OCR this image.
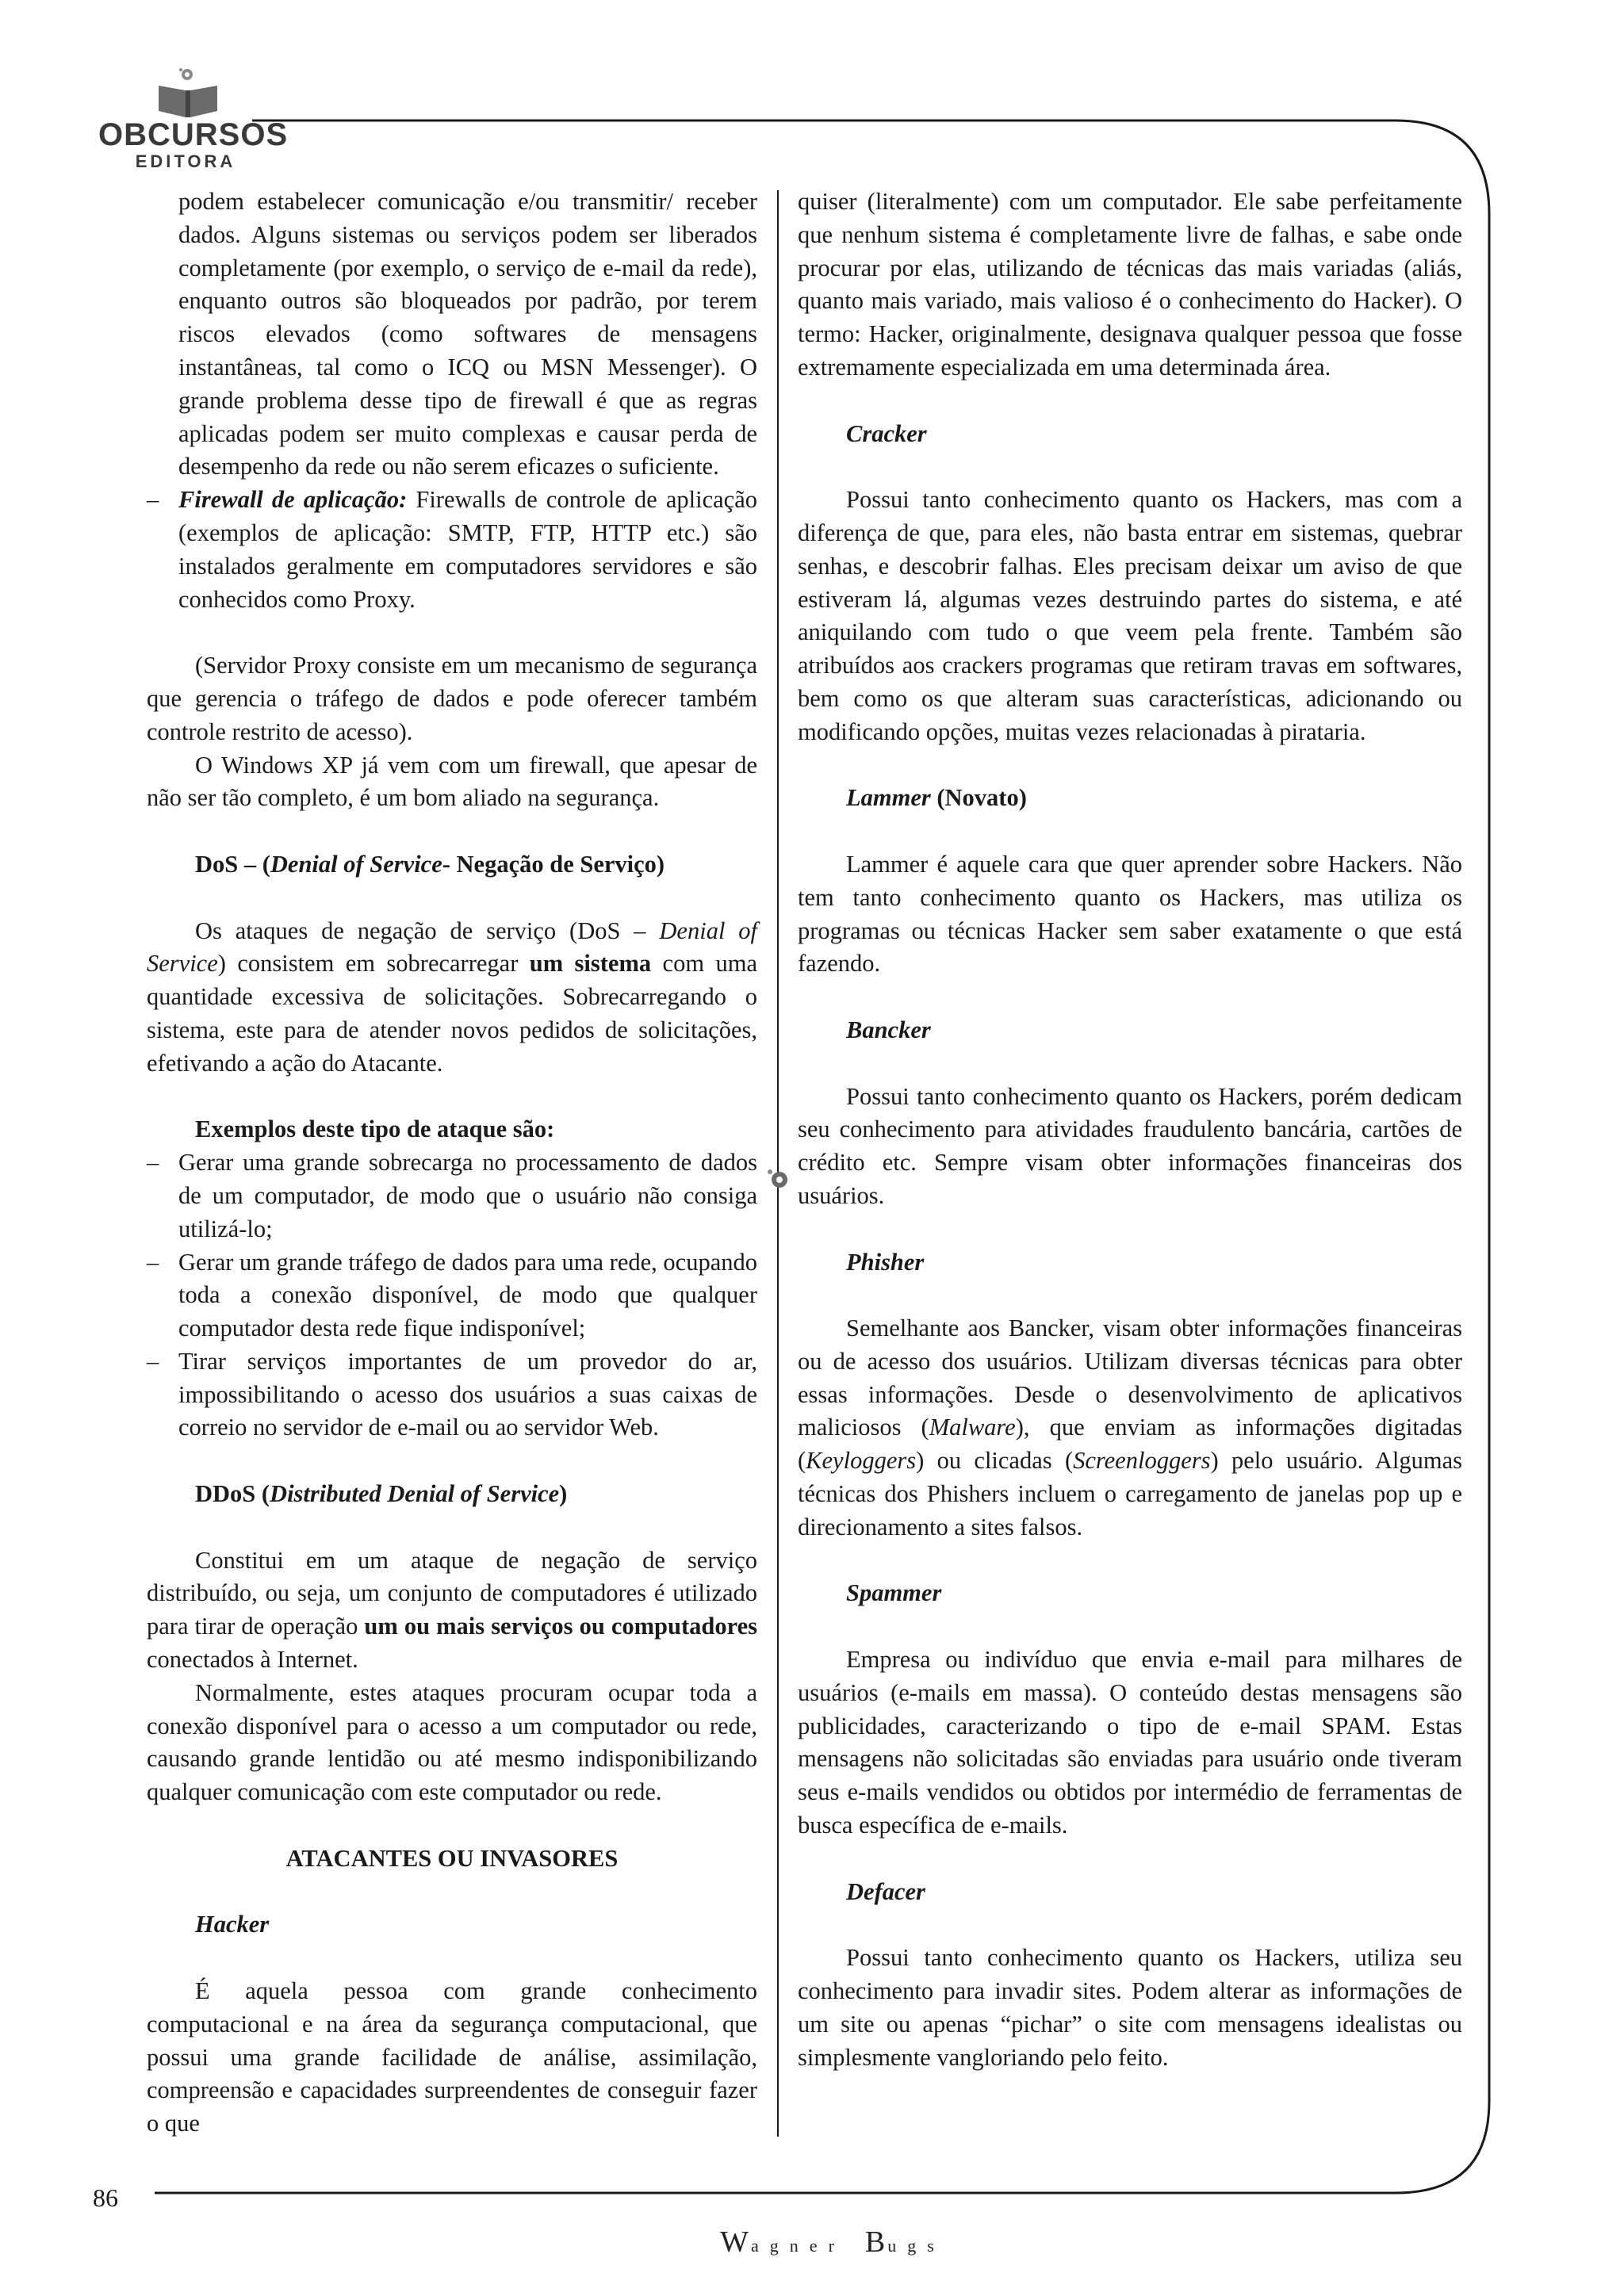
OBCURSOS
EDITORA

podem estabelecer comunicação e/ou transmitir/ receber dados. Alguns sistemas ou serviços podem ser liberados completamente (por exemplo, o serviço de e-mail da rede), enquanto outros são bloqueados por padrão, por terem riscos elevados (como softwares de mensagens instantâneas, tal como o ICQ ou MSN Messenger). O grande problema desse tipo de firewall é que as regras aplicadas podem ser muito complexas e causar perda de desempenho da rede ou não serem eficazes o suficiente.

– Firewall de aplicação: Firewalls de controle de aplicação (exemplos de aplicação: SMTP, FTP, HTTP etc.) são instalados geralmente em computadores servidores e são conhecidos como Proxy.

(Servidor Proxy consiste em um mecanismo de segurança que gerencia o tráfego de dados e pode oferecer também controle restrito de acesso).

O Windows XP já vem com um firewall, que apesar de não ser tão completo, é um bom aliado na segurança.

DoS – (Denial of Service- Negação de Serviço)

Os ataques de negação de serviço (DoS – Denial of Service) consistem em sobrecarregar um sistema com uma quantidade excessiva de solicitações. Sobrecarregando o sistema, este para de atender novos pedidos de solicitações, efetivando a ação do Atacante.

Exemplos deste tipo de ataque são:

– Gerar uma grande sobrecarga no processamento de dados de um computador, de modo que o usuário não consiga utilizá-lo;

– Gerar um grande tráfego de dados para uma rede, ocupando toda a conexão disponível, de modo que qualquer computador desta rede fique indisponível;

– Tirar serviços importantes de um provedor do ar, impossibilitando o acesso dos usuários a suas caixas de correio no servidor de e-mail ou ao servidor Web.

DDoS (Distributed Denial of Service)

Constitui em um ataque de negação de serviço distribuído, ou seja, um conjunto de computadores é utilizado para tirar de operação um ou mais serviços ou computadores conectados à Internet.

Normalmente, estes ataques procuram ocupar toda a conexão disponível para o acesso a um computador ou rede, causando grande lentidão ou até mesmo indisponibilizando qualquer comunicação com este computador ou rede.

ATACANTES OU INVASORES

Hacker

É aquela pessoa com grande conhecimento computacional e na área da segurança computacional, que possui uma grande facilidade de análise, assimilação, compreensão e capacidades surpreendentes de conseguir fazer o que

quiser (literalmente) com um computador. Ele sabe perfeitamente que nenhum sistema é completamente livre de falhas, e sabe onde procurar por elas, utilizando de técnicas das mais variadas (aliás, quanto mais variado, mais valioso é o conhecimento do Hacker). O termo: Hacker, originalmente, designava qualquer pessoa que fosse extremamente especializada em uma determinada área.

Cracker

Possui tanto conhecimento quanto os Hackers, mas com a diferença de que, para eles, não basta entrar em sistemas, quebrar senhas, e descobrir falhas. Eles precisam deixar um aviso de que estiveram lá, algumas vezes destruindo partes do sistema, e até aniquilando com tudo o que veem pela frente. Também são atribuídos aos crackers programas que retiram travas em softwares, bem como os que alteram suas características, adicionando ou modificando opções, muitas vezes relacionadas à pirataria.

Lammer (Novato)

Lammer é aquele cara que quer aprender sobre Hackers. Não tem tanto conhecimento quanto os Hackers, mas utiliza os programas ou técnicas Hacker sem saber exatamente o que está fazendo.

Bancker

Possui tanto conhecimento quanto os Hackers, porém dedicam seu conhecimento para atividades fraudulento bancária, cartões de crédito etc. Sempre visam obter informações financeiras dos usuários.

Phisher

Semelhante aos Bancker, visam obter informações financeiras ou de acesso dos usuários. Utilizam diversas técnicas para obter essas informações. Desde o desenvolvimento de aplicativos maliciosos (Malware), que enviam as informações digitadas (Keyloggers) ou clicadas (Screenloggers) pelo usuário. Algumas técnicas dos Phishers incluem o carregamento de janelas pop up e direcionamento a sites falsos.

Spammer

Empresa ou indivíduo que envia e-mail para milhares de usuários (e-mails em massa). O conteúdo destas mensagens são publicidades, caracterizando o tipo de e-mail SPAM. Estas mensagens não solicitadas são enviadas para usuário onde tiveram seus e-mails vendidos ou obtidos por intermédio de ferramentas de busca específica de e-mails.

Defacer

Possui tanto conhecimento quanto os Hackers, utiliza seu conhecimento para invadir sites. Podem alterar as informações de um site ou apenas “pichar” o site com mensagens idealistas ou simplesmente vangloriando pelo feito.

86
Wagner Bugs
